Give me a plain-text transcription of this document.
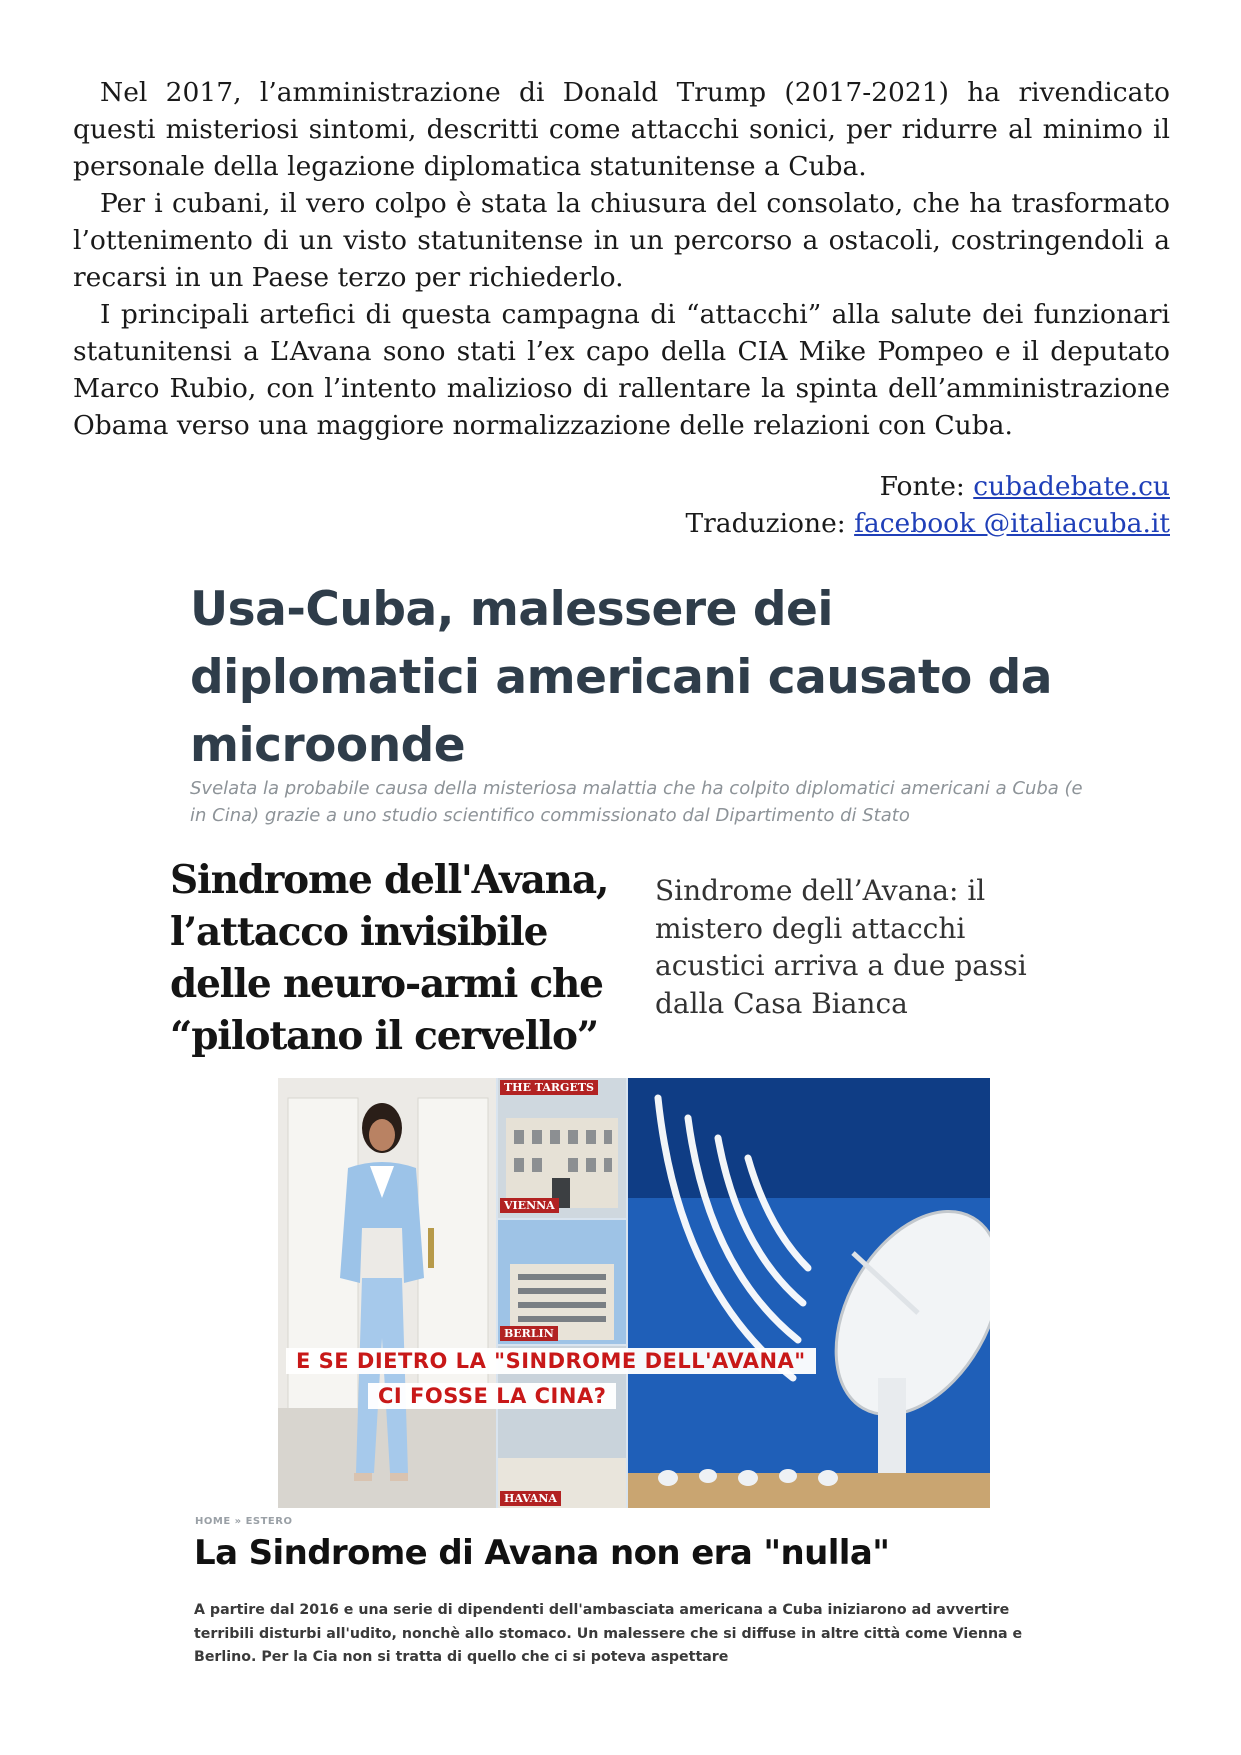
Nel 2017, l’amministrazione di Donald Trump (2017-2021) ha rivendicato questi misteriosi sintomi, descritti come attacchi sonici, per ridurre al minimo il personale della legazione diplomatica statunitense a Cuba.

Per i cubani, il vero colpo è stata la chiusura del consolato, che ha trasformato l’ottenimento di un visto statunitense in un percorso a ostacoli, costringendoli a recarsi in un Paese terzo per richiederlo.

I principali artefici di questa campagna di “attacchi” alla salute dei funzionari statunitensi a L’Avana sono stati l’ex capo della CIA Mike Pompeo e il deputato Marco Rubio, con l’intento malizioso di rallentare la spinta dell’amministrazione Obama verso una maggiore normalizzazione delle relazioni con Cuba.

Fonte: cubadebate.cu
Traduzione: facebook @italiacuba.it
Usa-Cuba, malessere dei diplomatici americani causato da microonde
Svelata la probabile causa della misteriosa malattia che ha colpito diplomatici americani a Cuba (e in Cina) grazie a uno studio scientifico commissionato dal Dipartimento di Stato
Sindrome dell'Avana, l’attacco invisibile delle neuro-armi che “pilotano il cervello”
Sindrome dell’Avana: il mistero degli attacchi acustici arriva a due passi dalla Casa Bianca
THE TARGETS
VIENNA
BERLIN
HAVANA
E SE DIETRO LA "SINDROME DELL'AVANA"
CI FOSSE LA CINA?
HOME » ESTERO
La Sindrome di Avana non era "nulla"
A partire dal 2016 e una serie di dipendenti dell'ambasciata americana a Cuba iniziarono ad avvertire terribili disturbi all'udito, nonchè allo stomaco. Un malessere che si diffuse in altre città come Vienna e Berlino. Per la Cia non si tratta di quello che ci si poteva aspettare
